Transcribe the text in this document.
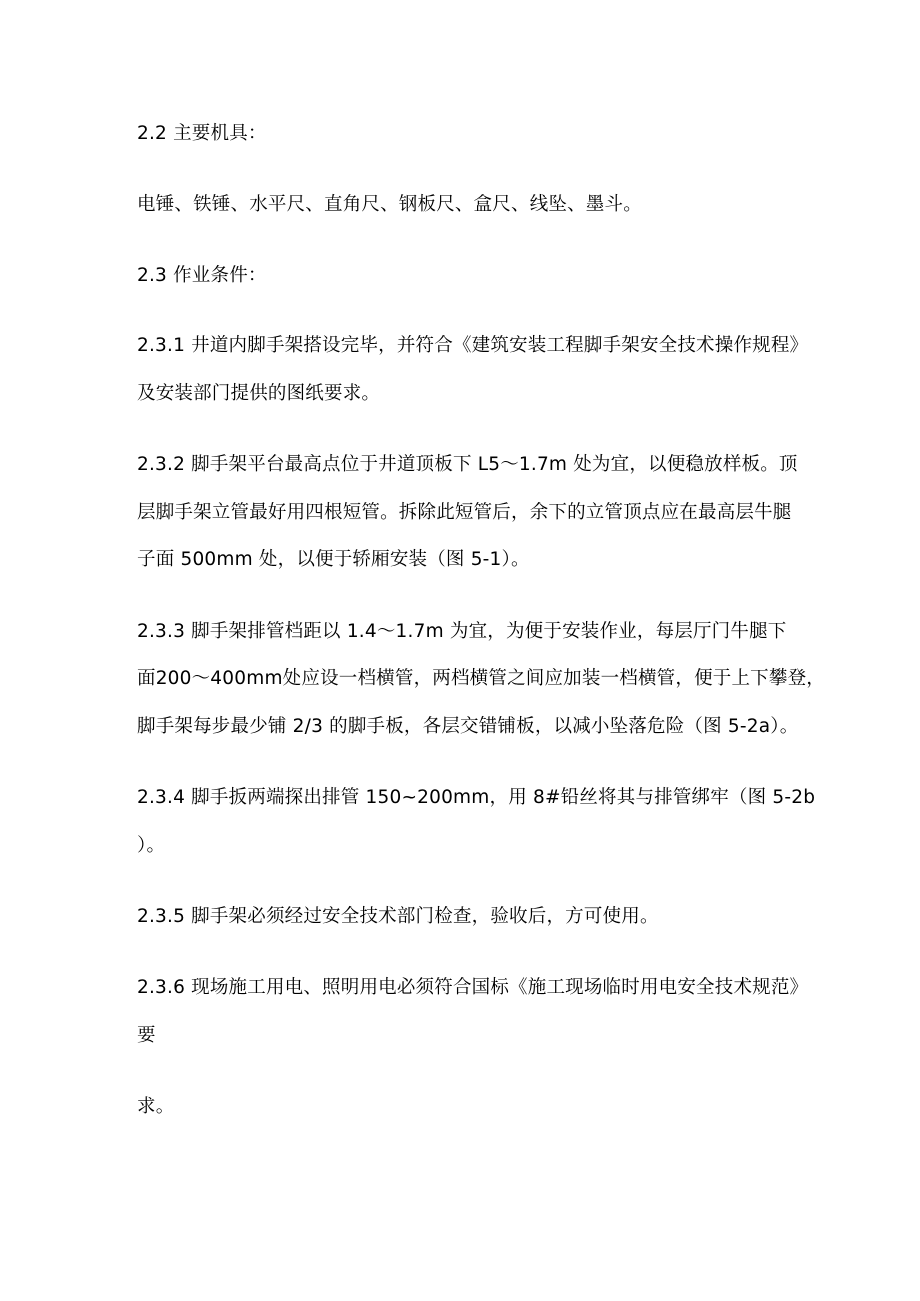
2.2 主要机具：
电锤、铁锤、水平尺、直角尺、钢板尺、盒尺、线坠、墨斗。
2.3 作业条件：
2.3.1 井道内脚手架搭设完毕，并符合《建筑安装工程脚手架安全技术操作规程》
及安装部门提供的图纸要求。
2.3.2 脚手架平台最高点位于井道顶板下 L5～1.7m 处为宜，以便稳放样板。顶
层脚手架立管最好用四根短管。拆除此短管后，余下的立管顶点应在最高层牛腿
子面 500mm 处，以便于轿厢安装（图 5-1）。
2.3.3 脚手架排管档距以 1.4～1.7m 为宜，为便于安装作业，每层厅门牛腿下
面200～400mm处应设一档横管，两档横管之间应加装一档横管，便于上下攀登，
脚手架每步最少铺 2/3 的脚手板，各层交错铺板，以减小坠落危险（图 5-2a）。
2.3.4 脚手扳两端探出排管 150~200mm，用 8#铅丝将其与排管绑牢（图 5-2b
）。
2.3.5 脚手架必须经过安全技术部门检查，验收后，方可使用。
2.3.6 现场施工用电、照明用电必须符合国标《施工现场临时用电安全技术规范》
要
求。
